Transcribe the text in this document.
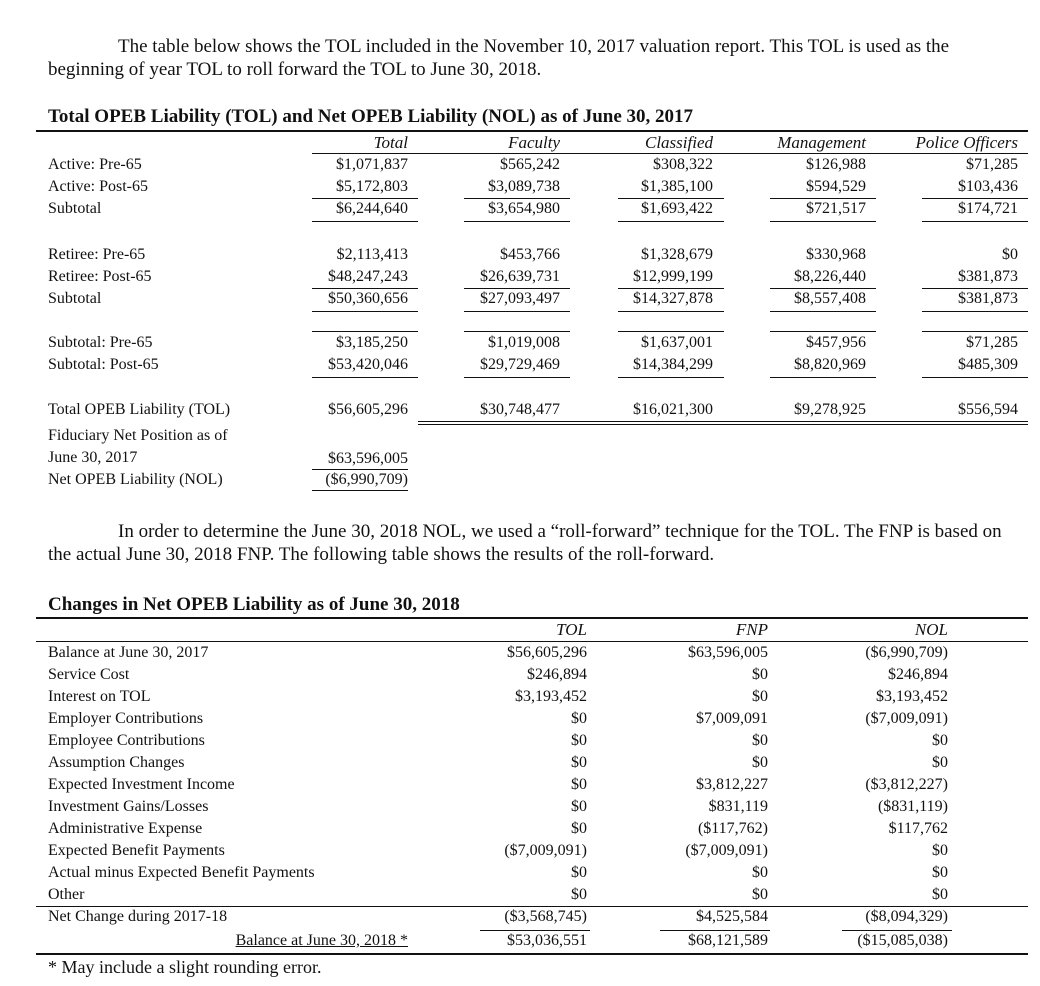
The table below shows the TOL included in the November 10, 2017 valuation report. This TOL is used as the beginning of year TOL to roll forward the TOL to June 30, 2018.
Total OPEB Liability (TOL) and Net OPEB Liability (NOL) as of June 30, 2017
Total	Faculty	Classified	Management	Police Officers
Active: Pre-65	$1,071,837	$565,242	$308,322	$126,988	$71,285
Active: Post-65	$5,172,803	$3,089,738	$1,385,100	$594,529	$103,436
Subtotal	$6,244,640	$3,654,980	$1,693,422	$721,517	$174,721
Retiree: Pre-65	$2,113,413	$453,766	$1,328,679	$330,968	$0
Retiree: Post-65	$48,247,243	$26,639,731	$12,999,199	$8,226,440	$381,873
Subtotal	$50,360,656	$27,093,497	$14,327,878	$8,557,408	$381,873
Subtotal: Pre-65	$3,185,250	$1,019,008	$1,637,001	$457,956	$71,285
Subtotal: Post-65	$53,420,046	$29,729,469	$14,384,299	$8,820,969	$485,309
Total OPEB Liability (TOL)	$56,605,296	$30,748,477	$16,021,300	$9,278,925	$556,594
Fiduciary Net Position as of
June 30, 2017	$63,596,005
Net OPEB Liability (NOL)	($6,990,709)
In order to determine the June 30, 2018 NOL, we used a “roll-forward” technique for the TOL. The FNP is based on the actual June 30, 2018 FNP. The following table shows the results of the roll-forward.
Changes in Net OPEB Liability as of June 30, 2018
TOL	FNP	NOL
Balance at June 30, 2017	$56,605,296	$63,596,005	($6,990,709)
Service Cost	$246,894	$0	$246,894
Interest on TOL	$3,193,452	$0	$3,193,452
Employer Contributions	$0	$7,009,091	($7,009,091)
Employee Contributions	$0	$0	$0
Assumption Changes	$0	$0	$0
Expected Investment Income	$0	$3,812,227	($3,812,227)
Investment Gains/Losses	$0	$831,119	($831,119)
Administrative Expense	$0	($117,762)	$117,762
Expected Benefit Payments	($7,009,091)	($7,009,091)	$0
Actual minus Expected Benefit Payments	$0	$0	$0
Other	$0	$0	$0
Net Change during 2017-18	($3,568,745)	$4,525,584	($8,094,329)
Balance at June 30, 2018 *	$53,036,551	$68,121,589	($15,085,038)
* May include a slight rounding error.
